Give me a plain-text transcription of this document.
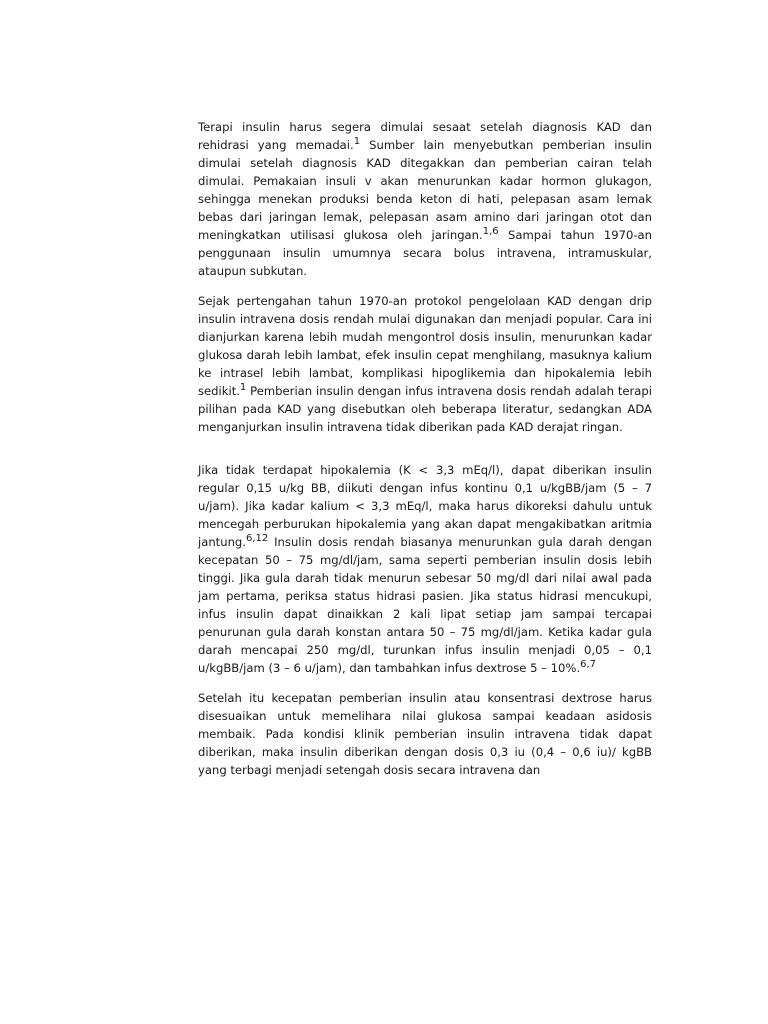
Terapi insulin harus segera dimulai sesaat setelah diagnosis KAD dan rehidrasi yang memadai.$^1$ Sumber lain menyebutkan pemberian insulin dimulai setelah diagnosis KAD ditegakkan dan pemberian cairan telah dimulai. Pemakaian insuli v akan menurunkan kadar hormon glukagon, sehingga menekan produksi benda keton di hati, pelepasan asam lemak bebas dari jaringan lemak, pelepasan asam amino dari jaringan otot dan meningkatkan utilisasi glukosa oleh jaringan.$^{1,6}$ Sampai tahun 1970-an penggunaan insulin umumnya secara bolus intravena, intramuskular, ataupun subkutan.

Sejak pertengahan tahun 1970-an protokol pengelolaan KAD dengan drip insulin intravena dosis rendah mulai digunakan dan menjadi popular. Cara ini dianjurkan karena lebih mudah mengontrol dosis insulin, menurunkan kadar glukosa darah lebih lambat, efek insulin cepat menghilang, masuknya kalium ke intrasel lebih lambat, komplikasi hipoglikemia dan hipokalemia lebih sedikit.$^1$ Pemberian insulin dengan infus intravena dosis rendah adalah terapi pilihan pada KAD yang disebutkan oleh beberapa literatur, sedangkan ADA menganjurkan insulin intravena tidak diberikan pada KAD derajat ringan.

Jika tidak terdapat hipokalemia (K < 3,3 mEq/l), dapat diberikan insulin regular 0,15 u/kg BB, diikuti dengan infus kontinu 0,1 u/kgBB/jam (5 – 7 u/jam). Jika kadar kalium < 3,3 mEq/l, maka harus dikoreksi dahulu untuk mencegah perburukan hipokalemia yang akan dapat mengakibatkan aritmia jantung.$^{6,12}$ Insulin dosis rendah biasanya menurunkan gula darah dengan kecepatan 50 – 75 mg/dl/jam, sama seperti pemberian insulin dosis lebih tinggi. Jika gula darah tidak menurun sebesar 50 mg/dl dari nilai awal pada jam pertama, periksa status hidrasi pasien. Jika status hidrasi mencukupi, infus insulin dapat dinaikkan 2 kali lipat setiap jam sampai tercapai penurunan gula darah konstan antara 50 – 75 mg/dl/jam. Ketika kadar gula darah mencapai 250 mg/dl, turunkan infus insulin menjadi 0,05 – 0,1 u/kgBB/jam (3 – 6 u/jam), dan tambahkan infus dextrose 5 – 10%.$^{6,7}$

Setelah itu kecepatan pemberian insulin atau konsentrasi dextrose harus disesuaikan untuk memelihara nilai glukosa sampai keadaan asidosis membaik. Pada kondisi klinik pemberian insulin intravena tidak dapat diberikan, maka insulin diberikan dengan dosis 0,3 iu (0,4 – 0,6 iu)/ kgBB yang terbagi menjadi setengah dosis secara intravena dan
